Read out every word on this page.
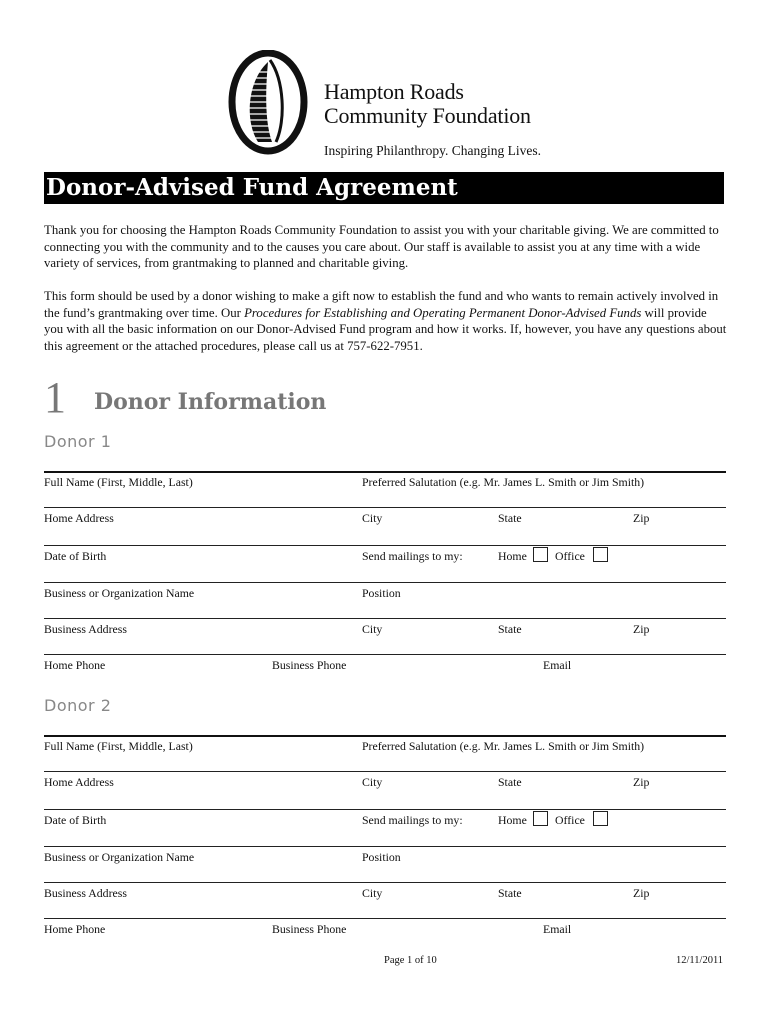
Hampton Roads
Community Foundation
Inspiring Philanthropy. Changing Lives.
Donor-Advised Fund Agreement
Thank you for choosing the Hampton Roads Community Foundation to assist you with your charitable giving. We are committed to connecting you with the community and to the causes you care about. Our staff is available to assist you at any time with a wide variety of services, from grantmaking to planned and charitable giving.
This form should be used by a donor wishing to make a gift now to establish the fund and who wants to remain actively involved in the fund’s grantmaking over time. Our Procedures for Establishing and Operating Permanent Donor-Advised Funds will provide you with all the basic information on our Donor-Advised Fund program and how it works. If, however, you have any questions about this agreement or the attached procedures, please call us at 757-622-7951.
1 Donor Information
Donor 1
Full Name (First, Middle, Last)	Preferred Salutation (e.g. Mr. James L. Smith or Jim Smith)
Home Address	City	State	Zip
Date of Birth	Send mailings to my:	Home Office
Business or Organization Name	Position
Business Address	City	State	Zip
Home Phone	Business Phone	Email
Donor 2
Full Name (First, Middle, Last)	Preferred Salutation (e.g. Mr. James L. Smith or Jim Smith)
Home Address	City	State	Zip
Date of Birth	Send mailings to my:	Home Office
Business or Organization Name	Position
Business Address	City	State	Zip
Home Phone	Business Phone	Email
Page 1 of 10	12/11/2011
